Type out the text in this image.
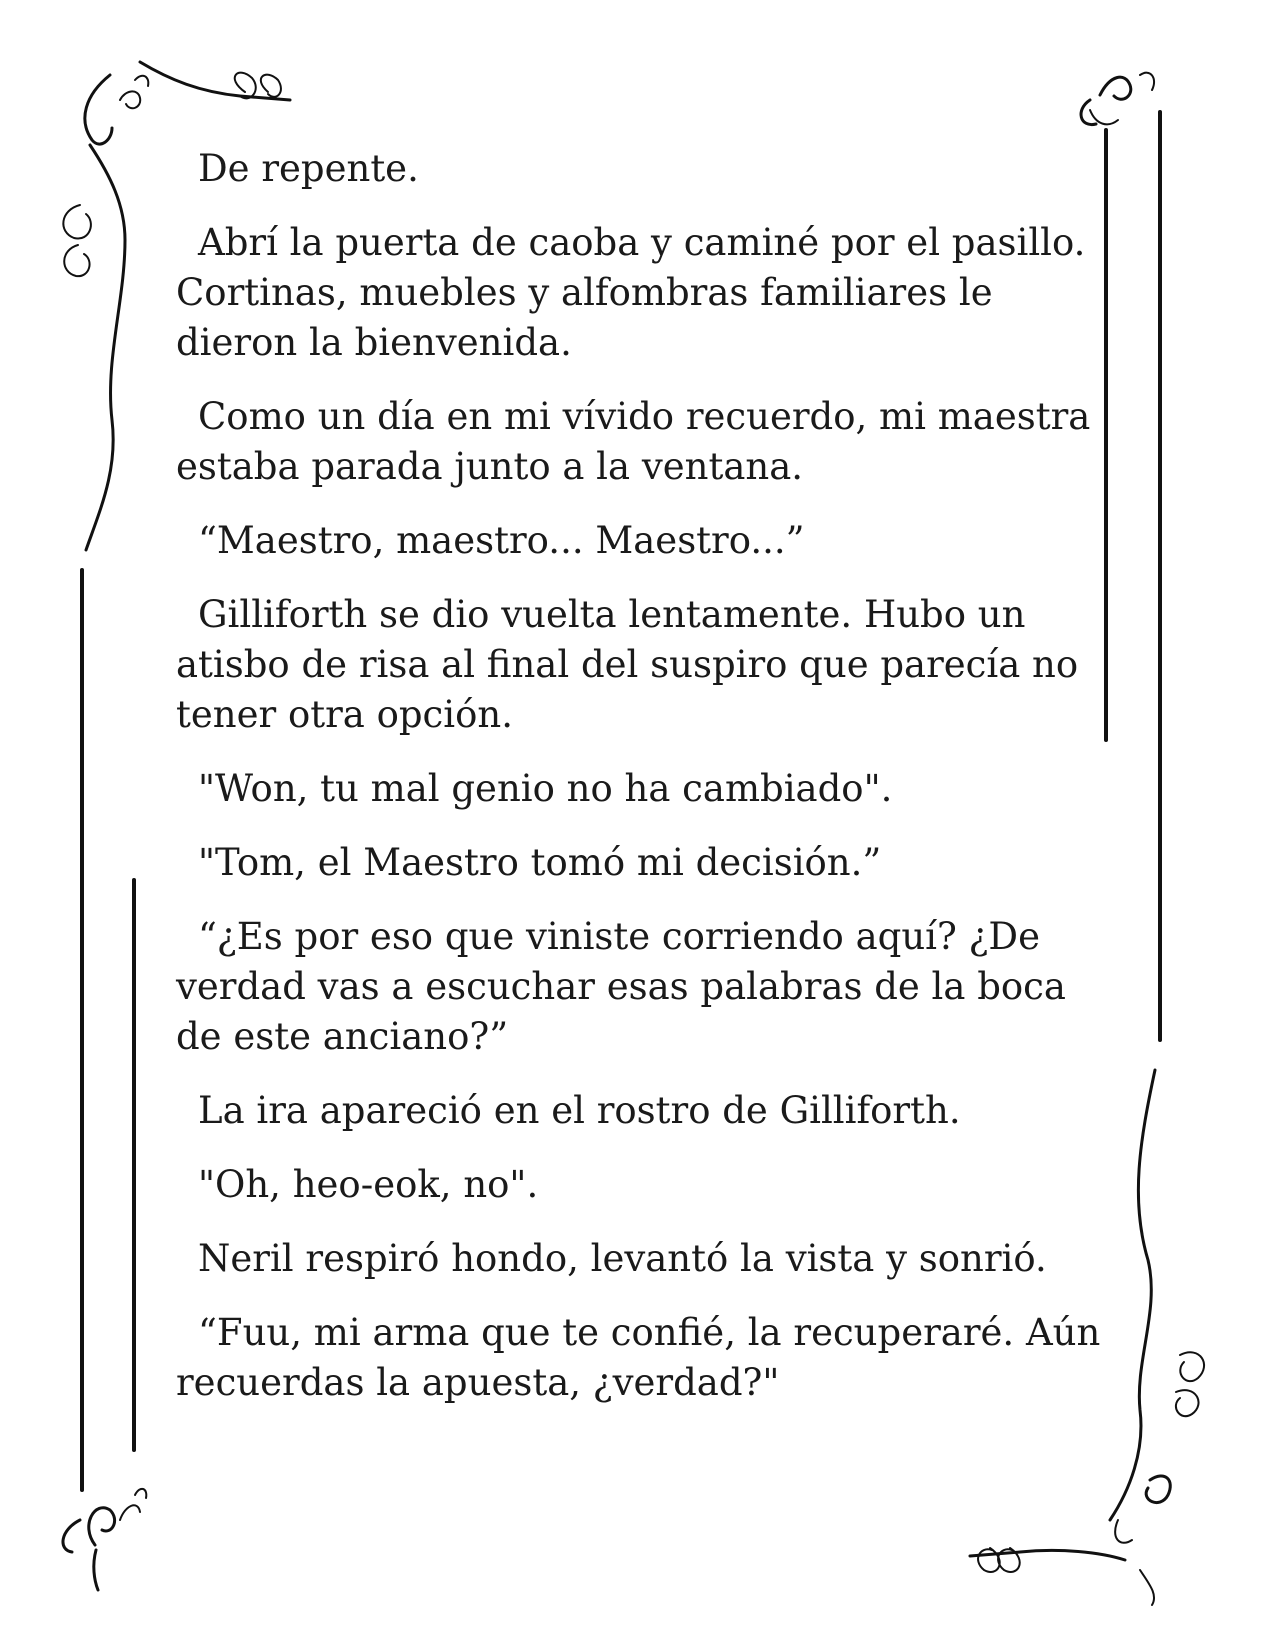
De repente.

Abrí la puerta de caoba y caminé por el pasillo. Cortinas, muebles y alfombras familiares le dieron la bienvenida.

Como un día en mi vívido recuerdo, mi maestra estaba parada junto a la ventana.

“Maestro, maestro... Maestro...”

Gilliforth se dio vuelta lentamente. Hubo un atisbo de risa al final del suspiro que parecía no tener otra opción.

"Won, tu mal genio no ha cambiado".

"Tom, el Maestro tomó mi decisión.”

“¿Es por eso que viniste corriendo aquí? ¿De verdad vas a escuchar esas palabras de la boca de este anciano?”

La ira apareció en el rostro de Gilliforth.

"Oh, heo-eok, no".

Neril respiró hondo, levantó la vista y sonrió.

“Fuu, mi arma que te confié, la recuperaré. Aún recuerdas la apuesta, ¿verdad?"
